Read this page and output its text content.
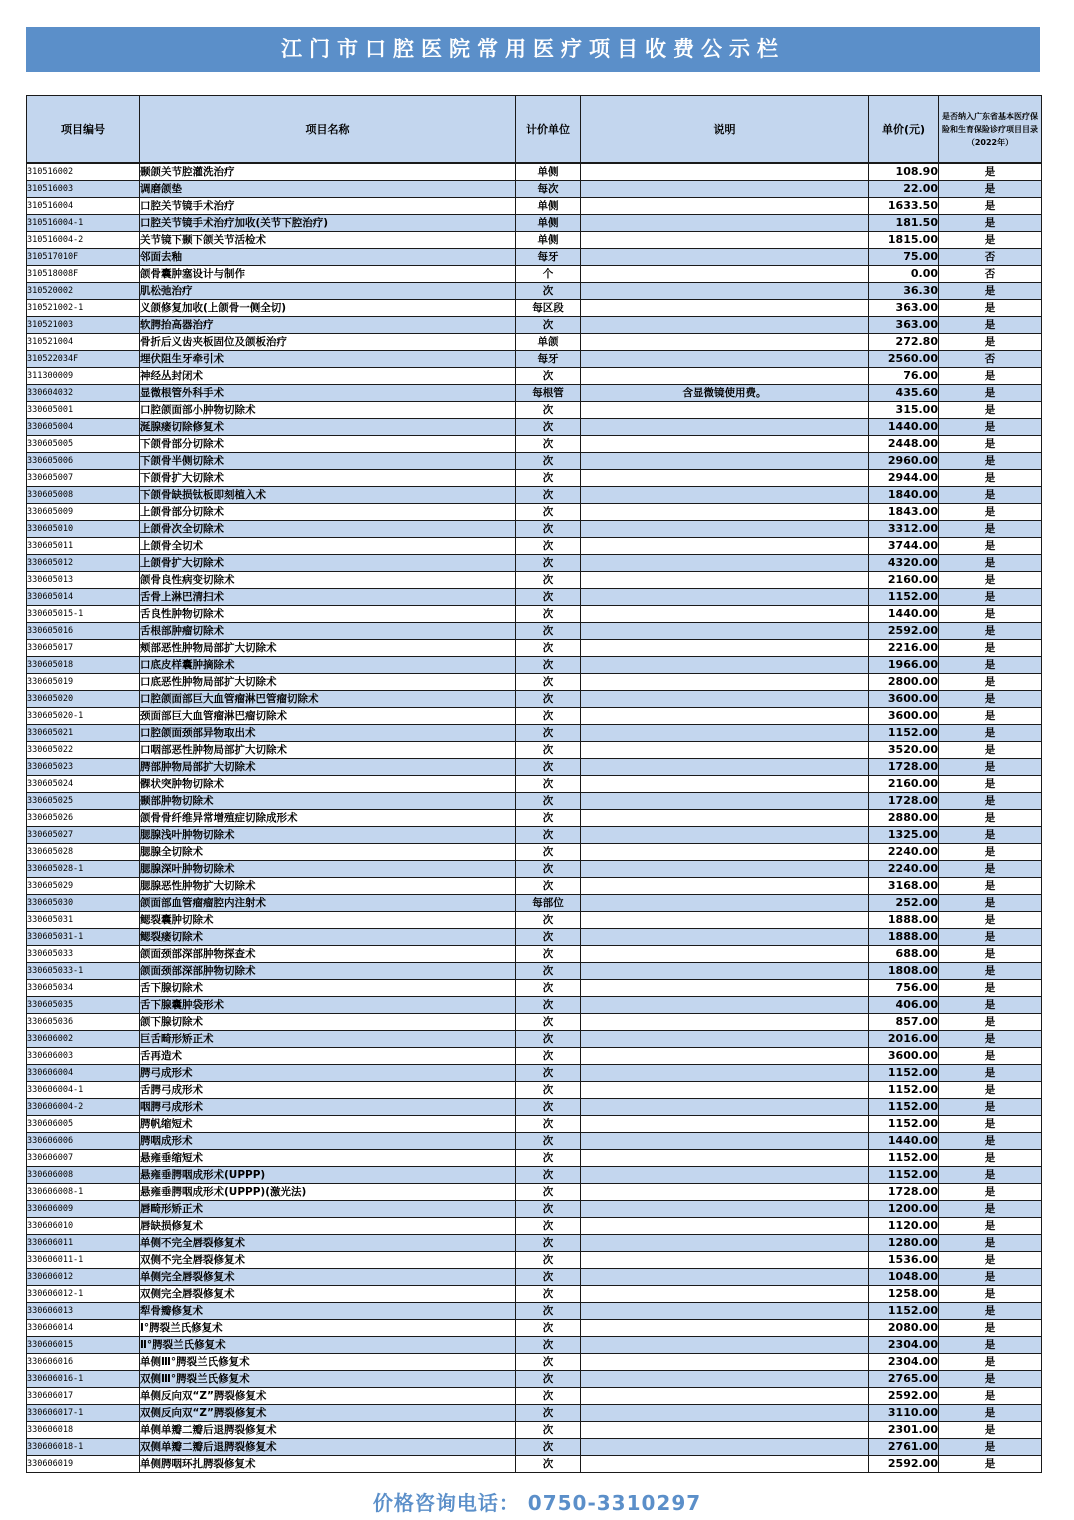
江门市口腔医院常用医疗项目收费公示栏
项目编号	项目名称	计价单位	说明	单价(元)	是否纳入广东省基本医疗保险和生育保险诊疗项目目录（2022年）
310516002	颞颌关节腔灌洗治疗	单侧		108.90	是
310516003	调磨颌垫	每次		22.00	是
310516004	口腔关节镜手术治疗	单侧		1633.50	是
310516004-1	口腔关节镜手术治疗加收(关节下腔治疗)	单侧		181.50	是
310516004-2	关节镜下颞下颌关节活检术	单侧		1815.00	是
310517010F	邻面去釉	每牙		75.00	否
310518008F	颌骨囊肿塞设计与制作	个		0.00	否
310520002	肌松弛治疗	次		36.30	是
310521002-1	义颌修复加收(上颌骨一侧全切)	每区段		363.00	是
310521003	软腭抬高器治疗	次		363.00	是
310521004	骨折后义齿夹板固位及颌板治疗	单颌		272.80	是
310522034F	埋伏阻生牙牵引术	每牙		2560.00	否
311300009	神经丛封闭术	次		76.00	是
330604032	显微根管外科手术	每根管	含显微镜使用费。	435.60	是
330605001	口腔颌面部小肿物切除术	次		315.00	是
330605004	涎腺瘘切除修复术	次		1440.00	是
330605005	下颌骨部分切除术	次		2448.00	是
330605006	下颌骨半侧切除术	次		2960.00	是
330605007	下颌骨扩大切除术	次		2944.00	是
330605008	下颌骨缺损钛板即刻植入术	次		1840.00	是
330605009	上颌骨部分切除术	次		1843.00	是
330605010	上颌骨次全切除术	次		3312.00	是
330605011	上颌骨全切术	次		3744.00	是
330605012	上颌骨扩大切除术	次		4320.00	是
330605013	颌骨良性病变切除术	次		2160.00	是
330605014	舌骨上淋巴清扫术	次		1152.00	是
330605015-1	舌良性肿物切除术	次		1440.00	是
330605016	舌根部肿瘤切除术	次		2592.00	是
330605017	颊部恶性肿物局部扩大切除术	次		2216.00	是
330605018	口底皮样囊肿摘除术	次		1966.00	是
330605019	口底恶性肿物局部扩大切除术	次		2800.00	是
330605020	口腔颌面部巨大血管瘤淋巴管瘤切除术	次		3600.00	是
330605020-1	颈面部巨大血管瘤淋巴瘤切除术	次		3600.00	是
330605021	口腔颌面颈部异物取出术	次		1152.00	是
330605022	口咽部恶性肿物局部扩大切除术	次		3520.00	是
330605023	腭部肿物局部扩大切除术	次		1728.00	是
330605024	髁状突肿物切除术	次		2160.00	是
330605025	颞部肿物切除术	次		1728.00	是
330605026	颌骨骨纤维异常增殖症切除成形术	次		2880.00	是
330605027	腮腺浅叶肿物切除术	次		1325.00	是
330605028	腮腺全切除术	次		2240.00	是
330605028-1	腮腺深叶肿物切除术	次		2240.00	是
330605029	腮腺恶性肿物扩大切除术	次		3168.00	是
330605030	颌面部血管瘤瘤腔内注射术	每部位		252.00	是
330605031	鳃裂囊肿切除术	次		1888.00	是
330605031-1	鳃裂瘘切除术	次		1888.00	是
330605033	颌面颈部深部肿物探查术	次		688.00	是
330605033-1	颌面颈部深部肿物切除术	次		1808.00	是
330605034	舌下腺切除术	次		756.00	是
330605035	舌下腺囊肿袋形术	次		406.00	是
330605036	颌下腺切除术	次		857.00	是
330606002	巨舌畸形矫正术	次		2016.00	是
330606003	舌再造术	次		3600.00	是
330606004	腭弓成形术	次		1152.00	是
330606004-1	舌腭弓成形术	次		1152.00	是
330606004-2	咽腭弓成形术	次		1152.00	是
330606005	腭帆缩短术	次		1152.00	是
330606006	腭咽成形术	次		1440.00	是
330606007	悬雍垂缩短术	次		1152.00	是
330606008	悬雍垂腭咽成形术(UPPP)	次		1152.00	是
330606008-1	悬雍垂腭咽成形术(UPPP)(激光法)	次		1728.00	是
330606009	唇畸形矫正术	次		1200.00	是
330606010	唇缺损修复术	次		1120.00	是
330606011	单侧不完全唇裂修复术	次		1280.00	是
330606011-1	双侧不完全唇裂修复术	次		1536.00	是
330606012	单侧完全唇裂修复术	次		1048.00	是
330606012-1	双侧完全唇裂修复术	次		1258.00	是
330606013	犁骨瓣修复术	次		1152.00	是
330606014	Ⅰ°腭裂兰氏修复术	次		2080.00	是
330606015	Ⅱ°腭裂兰氏修复术	次		2304.00	是
330606016	单侧Ⅲ°腭裂兰氏修复术	次		2304.00	是
330606016-1	双侧Ⅲ°腭裂兰氏修复术	次		2765.00	是
330606017	单侧反向双“Z”腭裂修复术	次		2592.00	是
330606017-1	双侧反向双“Z”腭裂修复术	次		3110.00	是
330606018	单侧单瓣二瓣后退腭裂修复术	次		2301.00	是
330606018-1	双侧单瓣二瓣后退腭裂修复术	次		2761.00	是
330606019	单侧腭咽环扎腭裂修复术	次		2592.00	是
价格咨询电话： 0750-3310297
